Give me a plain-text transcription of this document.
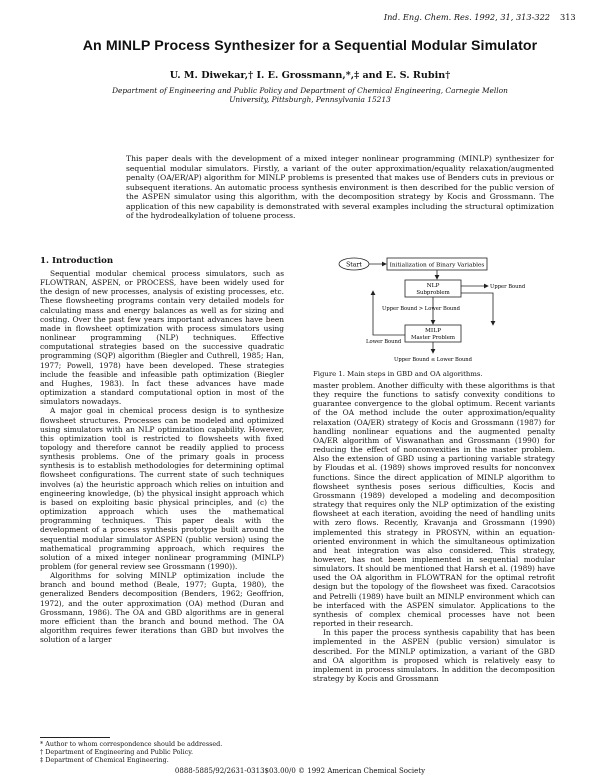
Ind. Eng. Chem. Res. 1992, 31, 313-322 313
An MINLP Process Synthesizer for a Sequential Modular Simulator
U. M. Diwekar,† I. E. Grossmann,*,‡ and E. S. Rubin†
Department of Engineering and Public Policy and Department of Chemical Engineering, Carnegie Mellon University, Pittsburgh, Pennsylvania 15213

This paper deals with the development of a mixed integer nonlinear programming (MINLP) synthesizer for sequential modular simulators. Firstly, a variant of the outer approximation/equality relaxation/augmented penalty (OA/ER/AP) algorithm for MINLP problems is presented that makes use of Benders cuts in previous or subsequent iterations. An automatic process synthesis environment is then described for the public version of the ASPEN simulator using this algorithm, with the decomposition strategy by Kocis and Grossmann. The application of this new capability is demonstrated with several examples including the structural optimization of the hydrodealkylation of toluene process.

1. Introduction

Sequential modular chemical process simulators, such as FLOWTRAN, ASPEN, or PROCESS, have been widely used for the design of new processes, analysis of existing processes, etc. These flowsheeting programs contain very detailed models for calculating mass and energy balances as well as for sizing and costing. Over the past few years important advances have been made in flowsheet optimization with process simulators using nonlinear programming (NLP) techniques. Effective computational strategies based on the successive quadratic programming (SQP) algorithm (Biegler and Cuthrell, 1985; Han, 1977; Powell, 1978) have been developed. These strategies include the feasible and infeasible path optimization (Biegler and Hughes, 1983). In fact these advances have made optimization a standard computational option in most of the simulators nowadays.

A major goal in chemical process design is to synthesize flowsheet structures. Processes can be modeled and optimized using simulators with an NLP optimization capability. However, this optimization tool is restricted to flowsheets with fixed topology and therefore cannot be readily applied to process synthesis problems. One of the primary goals in process synthesis is to establish methodologies for determining optimal flowsheet configurations. The current state of such techniques involves (a) the heuristic approach which relies on intuition and engineering knowledge, (b) the physical insight approach which is based on exploiting basic physical principles, and (c) the optimization approach which uses the mathematical programming techniques. This paper deals with the development of a process synthesis prototype built around the sequential modular simulator ASPEN (public version) using the mathematical programming approach, which requires the solution of a mixed integer nonlinear programming (MINLP) problem (for general review see Grossmann (1990)).

Algorithms for solving MINLP optimization include the branch and bound method (Beale, 1977; Gupta, 1980), the generalized Benders decomposition (Benders, 1962; Geoffrion, 1972), and the outer approximation (OA) method (Duran and Grossmann, 1986). The OA and GBD algorithms are in general more efficient than the branch and bound method. The OA algorithm requires fewer iterations than GBD but involves the solution of a larger

Start	Initialization of Binary Variables
NLP
Subproblem
Upper Bound
Upper Bound > Lower Bound
MILP
Master Problem
Lower Bound
Upper Bound ≤ Lower Bound
Figure 1. Main steps in GBD and OA algorithms.

master problem. Another difficulty with these algorithms is that they require the functions to satisfy convexity conditions to guarantee convergence to the global optimum. Recent variants of the OA method include the outer approximation/equality relaxation (OA/ER) strategy of Kocis and Grossmann (1987) for handling nonlinear equations and the augmented penalty OA/ER algorithm of Viswanathan and Grossmann (1990) for reducing the effect of nonconvexities in the master problem. Also the extension of GBD using a partioning variable strategy by Floudas et al. (1989) shows improved results for nonconvex functions. Since the direct application of MINLP algorithm to flowsheet synthesis poses serious difficulties, Kocis and Grossmann (1989) developed a modeling and decomposition strategy that requires only the NLP optimization of the existing flowsheet at each iteration, avoiding the need of handling units with zero flows. Recently, Kravanja and Grossmann (1990) implemented this strategy in PROSYN, within an equation-oriented environment in which the simultaneous optimization and heat integration was also considered. This strategy, however, has not been implemented in sequential modular simulators. It should be mentioned that Harsh et al. (1989) have used the OA algorithm in FLOWTRAN for the optimal retrofit design but the topology of the flowsheet was fixed. Caracotsios and Petrelli (1989) have built an MINLP environment which can be interfaced with the ASPEN simulator. Applications to the synthesis of complex chemical processes have not been reported in their research.

In this paper the process synthesis capability that has been implemented in the ASPEN (public version) simulator is described. For the MINLP optimization, a variant of the GBD and OA algorithm is proposed which is relatively easy to implement in process simulators. In addition the decomposition strategy by Kocis and Grossmann

* Author to whom correspondence should be addressed.
† Department of Engineering and Public Policy.
‡ Department of Chemical Engineering.
0888-5885/92/2631-0313$03.00/0 © 1992 American Chemical Society
